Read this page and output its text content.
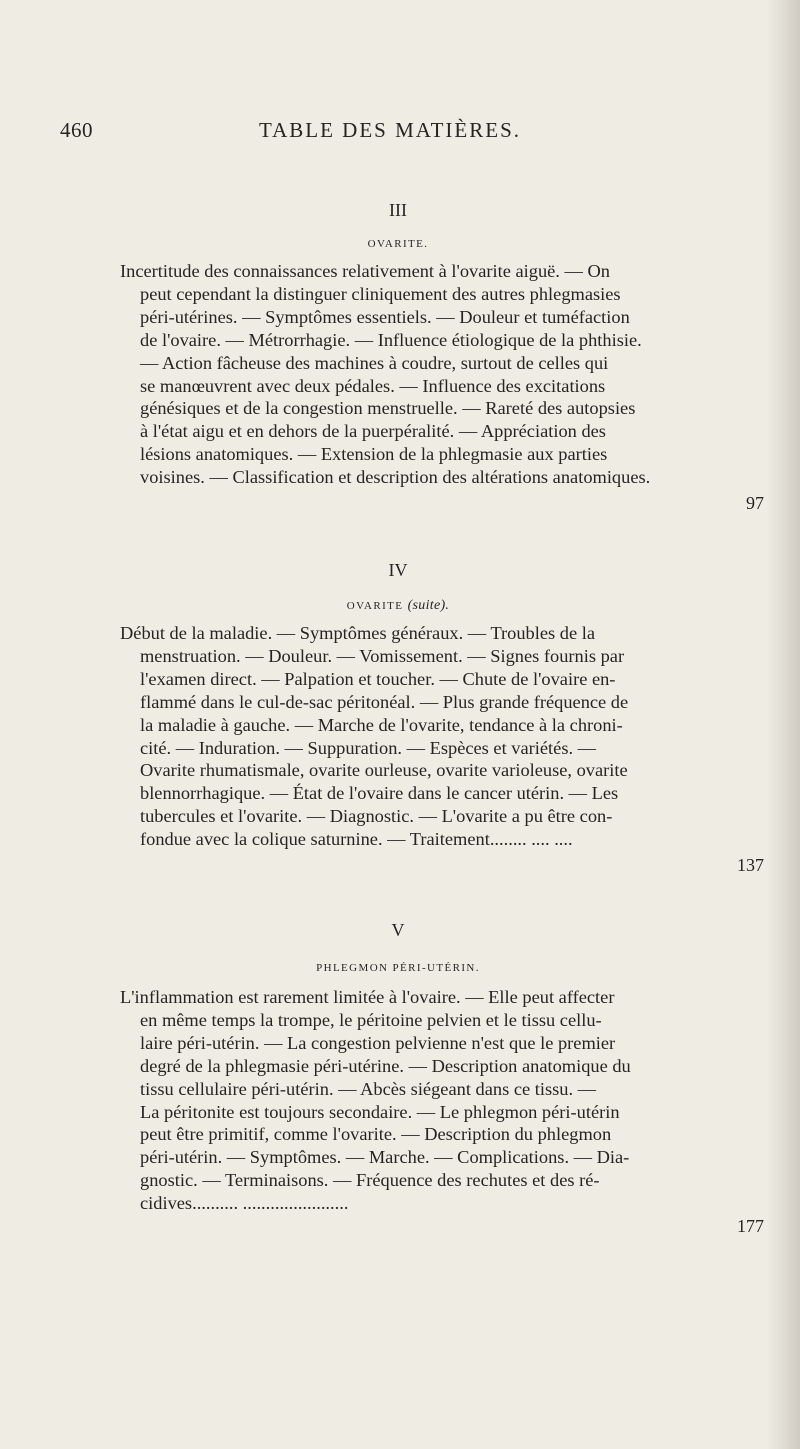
460	TABLE DES MATIÈRES.
III
OVARITE.
Incertitude des connaissances relativement à l'ovarite aiguë. — On
peut cependant la distinguer cliniquement des autres phlegmasies
péri-utérines. — Symptômes essentiels. — Douleur et tuméfaction
de l'ovaire. — Métrorrhagie. — Influence étiologique de la phthisie.
— Action fâcheuse des machines à coudre, surtout de celles qui
se manœuvrent avec deux pédales. — Influence des excitations
génésiques et de la congestion menstruelle. — Rareté des autopsies
à l'état aigu et en dehors de la puerpéralité. — Appréciation des
lésions anatomiques. — Extension de la phlegmasie aux parties
voisines. — Classification et description des altérations anatomiques.
97
IV
OVARITE (suite).
Début de la maladie. — Symptômes généraux. — Troubles de la
menstruation. — Douleur. — Vomissement. — Signes fournis par
l'examen direct. — Palpation et toucher. — Chute de l'ovaire en-
flammé dans le cul-de-sac péritonéal. — Plus grande fréquence de
la maladie à gauche. — Marche de l'ovarite, tendance à la chroni-
cité. — Induration. — Suppuration. — Espèces et variétés. —
Ovarite rhumatismale, ovarite ourleuse, ovarite varioleuse, ovarite
blennorrhagique. — État de l'ovaire dans le cancer utérin. — Les
tubercules et l'ovarite. — Diagnostic. — L'ovarite a pu être con-
fondue avec la colique saturnine. — Traitement........ .... ....
137
V
PHLEGMON PÉRI-UTÉRIN.
L'inflammation est rarement limitée à l'ovaire. — Elle peut affecter
en même temps la trompe, le péritoine pelvien et le tissu cellu-
laire péri-utérin. — La congestion pelvienne n'est que le premier
degré de la phlegmasie péri-utérine. — Description anatomique du
tissu cellulaire péri-utérin. — Abcès siégeant dans ce tissu. —
La péritonite est toujours secondaire. — Le phlegmon péri-utérin
peut être primitif, comme l'ovarite. — Description du phlegmon
péri-utérin. — Symptômes. — Marche. — Complications. — Dia-
gnostic. — Terminaisons. — Fréquence des rechutes et des ré-
cidives.......... .......................
177
